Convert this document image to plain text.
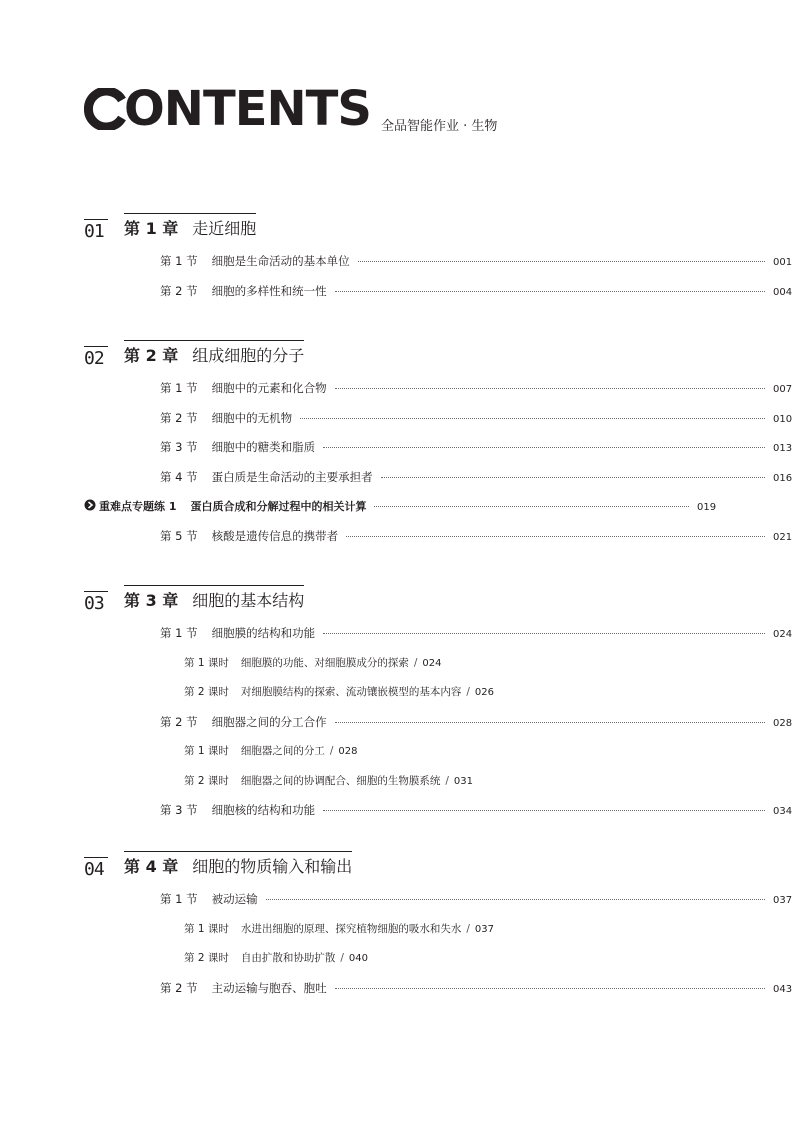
目录 ONTENTS 全品智能作业 · 生物
01 第 1 章 走近细胞
第 1 节 细胞是生命活动的基本单位	001
第 2 节 细胞的多样性和统一性	004
02 第 2 章 组成细胞的分子
第 1 节 细胞中的元素和化合物	007
第 2 节 细胞中的无机物	010
第 3 节 细胞中的糖类和脂质	013
第 4 节 蛋白质是生命活动的主要承担者	016
重难点专题练 1 蛋白质合成和分解过程中的相关计算	019
第 5 节 核酸是遗传信息的携带者	021
03 第 3 章 细胞的基本结构
第 1 节 细胞膜的结构和功能	024
第 1 课时 细胞膜的功能、对细胞膜成分的探索 / 024
第 2 课时 对细胞膜结构的探索、流动镶嵌模型的基本内容 / 026
第 2 节 细胞器之间的分工合作	028
第 1 课时 细胞器之间的分工 / 028
第 2 课时 细胞器之间的协调配合、细胞的生物膜系统 / 031
第 3 节 细胞核的结构和功能	034
04 第 4 章 细胞的物质输入和输出
第 1 节 被动运输	037
第 1 课时 水进出细胞的原理、探究植物细胞的吸水和失水 / 037
第 2 课时 自由扩散和协助扩散 / 040
第 2 节 主动运输与胞吞、胞吐	043
